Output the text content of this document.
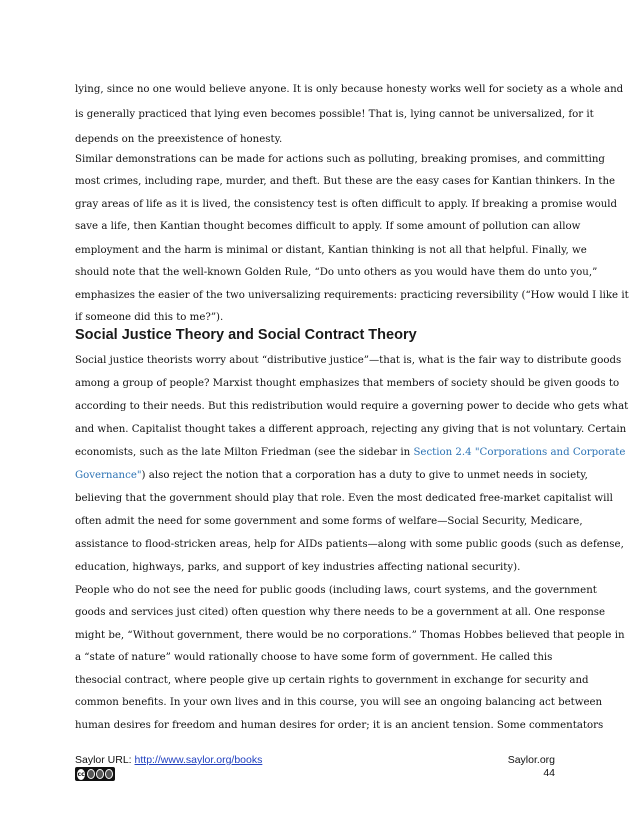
lying, since no one would believe anyone. It is only because honesty works well for society as a whole and
is generally practiced that lying even becomes possible! That is, lying cannot be universalized, for it
depends on the preexistence of honesty.
Similar demonstrations can be made for actions such as polluting, breaking promises, and committing
most crimes, including rape, murder, and theft. But these are the easy cases for Kantian thinkers. In the
gray areas of life as it is lived, the consistency test is often difficult to apply. If breaking a promise would
save a life, then Kantian thought becomes difficult to apply. If some amount of pollution can allow
employment and the harm is minimal or distant, Kantian thinking is not all that helpful. Finally, we
should note that the well-known Golden Rule, “Do unto others as you would have them do unto you,”
emphasizes the easier of the two universalizing requirements: practicing reversibility (“How would I like it
if someone did this to me?”).
Social Justice Theory and Social Contract Theory
Social justice theorists worry about “distributive justice”—that is, what is the fair way to distribute goods
among a group of people? Marxist thought emphasizes that members of society should be given goods to
according to their needs. But this redistribution would require a governing power to decide who gets what
and when. Capitalist thought takes a different approach, rejecting any giving that is not voluntary. Certain
economists, such as the late Milton Friedman (see the sidebar in Section 2.4 "Corporations and Corporate
Governance") also reject the notion that a corporation has a duty to give to unmet needs in society,
believing that the government should play that role. Even the most dedicated free-market capitalist will
often admit the need for some government and some forms of welfare—Social Security, Medicare,
assistance to flood-stricken areas, help for AIDs patients—along with some public goods (such as defense,
education, highways, parks, and support of key industries affecting national security).
People who do not see the need for public goods (including laws, court systems, and the government
goods and services just cited) often question why there needs to be a government at all. One response
might be, “Without government, there would be no corporations.” Thomas Hobbes believed that people in
a “state of nature” would rationally choose to have some form of government. He called this
thesocial contract, where people give up certain rights to government in exchange for security and
common benefits. In your own lives and in this course, you will see an ongoing balancing act between
human desires for freedom and human desires for order; it is an ancient tension. Some commentators
Saylor URL: http://www.saylor.org/books
cc
Saylor.org
44
